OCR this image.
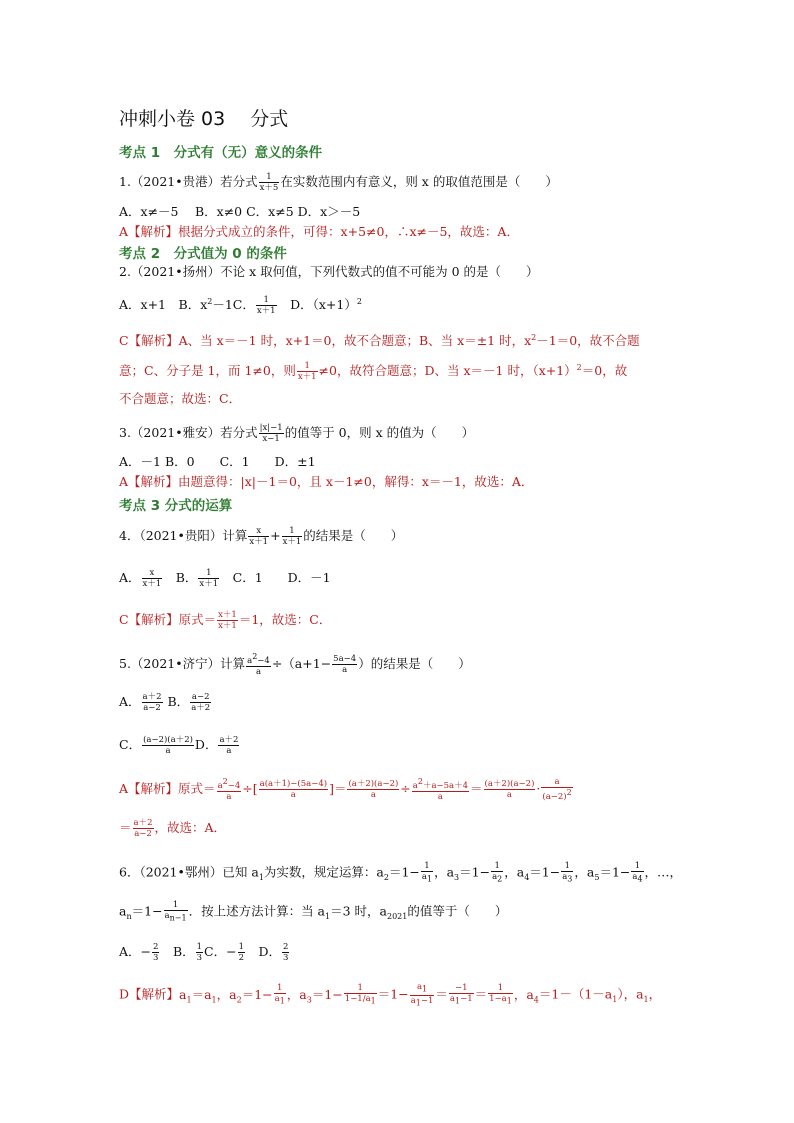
冲刺小卷 03　 分式
考点 1　分式有（无）意义的条件
1.（2021•贵港）若分式 $\frac{1}{x+5}$ 在实数范围内有意义，则 x 的取值范围是（　　）
A．x≠－5　 B．x≠0 C．x≠5 D．x＞－5
A【解析】根据分式成立的条件，可得：x+5≠0，∴x≠－5，故选：A．
考点 2　分式值为 0 的条件
2.（2021•扬州）不论 x 取何值，下列代数式的值不可能为 0 的是（　　）
A．x+1　B．$x^2-1C$． $\frac{1}{x+1}$ 　D．$(x+1)^2$
C【解析】A、当 x＝－1 时，x+1＝0，故不合题意；B、当 x＝±1 时，$x^2-1=0$，故不合题
意；C、分子是 1，而 1≠0，则 $\frac{1}{x+1} \ne 0$，故符合题意；D、当 x＝－1 时，$(x+1)^2=0$，故
不合题意；故选：C．
3.（2021•雅安）若分式 $\frac{|x|-1}{x-1}$ 的值等于 0，则 x 的值为（　　）
A．－1 B．0　　C．1　　D．±1
A【解析】由题意得：|x|－1＝0，且 x－1≠0，解得：x＝－1，故选：A．
考点 3 分式的运算
4．（2021•贵阳）计算 $\frac{x}{x+1} + \frac{1}{x+1}$ 的结果是（　　）
A． $\frac{x}{x+1}$ 　B． $\frac{1}{x+1}$
　 C．1　　D．－1
C【解析】原式＝ $\frac{x+1}{x+1} =1$，故选：C．
5.（2021•济宁）计算 $\frac{a^2-4}{a} \div(a+1- \frac{5a-4}{a}$ ）的结果是（　　）
A． $\frac{a+2}{a-2}$ B． $\frac{a-2}{a+2}$
C． $\frac{(a-2)(a+2)}{a}$ D． $\frac{a+2}{a}$
A【解析】原式＝ $\frac{a^2-4}{a}$ ÷[ $\frac{a(a+1)-(5a-4)}{a}$ ]＝ $\frac{(a+2)(a-2)}{a} \div \frac{a^2+a-5a+4}{a} = \frac{(a+2)(a-2)}{a} \cdot \frac{a}{(a-2)^2}$
＝ $\frac{a+2}{a-2}$ ，故选：A．
6．（2021•鄂州）已知 $a_1$为实数，规定运算：$a_2=1- \frac{1}{a_1}$ ，$a_3=1- \frac{1}{a_2}$ ，$a_4=1- \frac{1}{a_3}$ ，$a_5=1- \frac{1}{a_4}$ ，…，
$a_n=1- \frac{1}{a_{n-1}}$ ．按上述方法计算：当 $a_1=3$ 时，$a_{2021}$的值等于（　　）
A．− $\frac{2}{3}$ 　B． $\frac{1}{3}$ C．− $\frac{1}{2}$ 　D． $\frac{2}{3}$
D【解析】$a_1=a_1$，$a_2=1- \frac{1}{a_1}$ ，$a_3=1- \frac{1}{1-1/a_1} =1- \frac{a_1}{a_1-1} = \frac{-1}{a_1-1} = \frac{1}{1-a_1}$ ，$a_4=1-(1-a_1)$，$a_1$，
